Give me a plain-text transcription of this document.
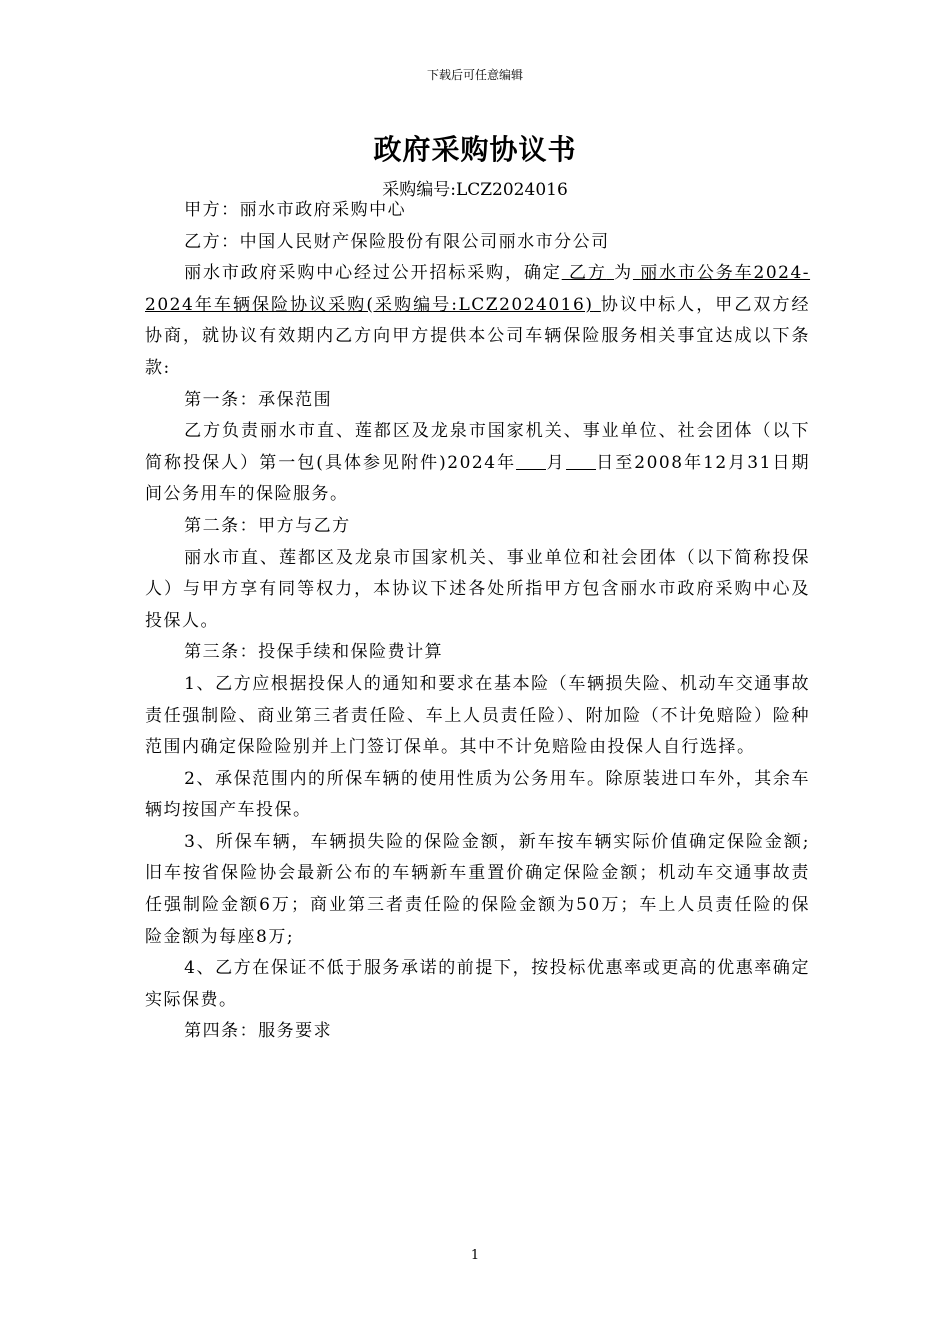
下载后可任意编辑
政府采购协议书
采购编号:LCZ2024016

甲方：丽水市政府采购中心

乙方：中国人民财产保险股份有限公司丽水市分公司

丽水市政府采购中心经过公开招标采购，确定 乙方 为 丽水市公务车2024-2024年车辆保险协议采购(采购编号:LCZ2024016) 协议中标人，甲乙双方经协商，就协议有效期内乙方向甲方提供本公司车辆保险服务相关事宜达成以下条款:

第一条：承保范围

乙方负责丽水市直、莲都区及龙泉市国家机关、事业单位、社会团体（以下简称投保人）第一包(具体参见附件)2024年 月 日至2008年12月31日期间公务用车的保险服务。

第二条：甲方与乙方

丽水市直、莲都区及龙泉市国家机关、事业单位和社会团体（以下简称投保人）与甲方享有同等权力，本协议下述各处所指甲方包含丽水市政府采购中心及投保人。

第三条：投保手续和保险费计算

1、乙方应根据投保人的通知和要求在基本险（车辆损失险、机动车交通事故责任强制险、商业第三者责任险、车上人员责任险）、附加险（不计免赔险）险种范围内确定保险险别并上门签订保单。其中不计免赔险由投保人自行选择。

2、承保范围内的所保车辆的使用性质为公务用车。除原装进口车外，其余车辆均按国产车投保。

3、所保车辆，车辆损失险的保险金额，新车按车辆实际价值确定保险金额;旧车按省保险协会最新公布的车辆新车重置价确定保险金额；机动车交通事故责任强制险金额6万；商业第三者责任险的保险金额为50万；车上人员责任险的保险金额为每座8万;

4、乙方在保证不低于服务承诺的前提下，按投标优惠率或更高的优惠率确定实际保费。

第四条：服务要求

1
